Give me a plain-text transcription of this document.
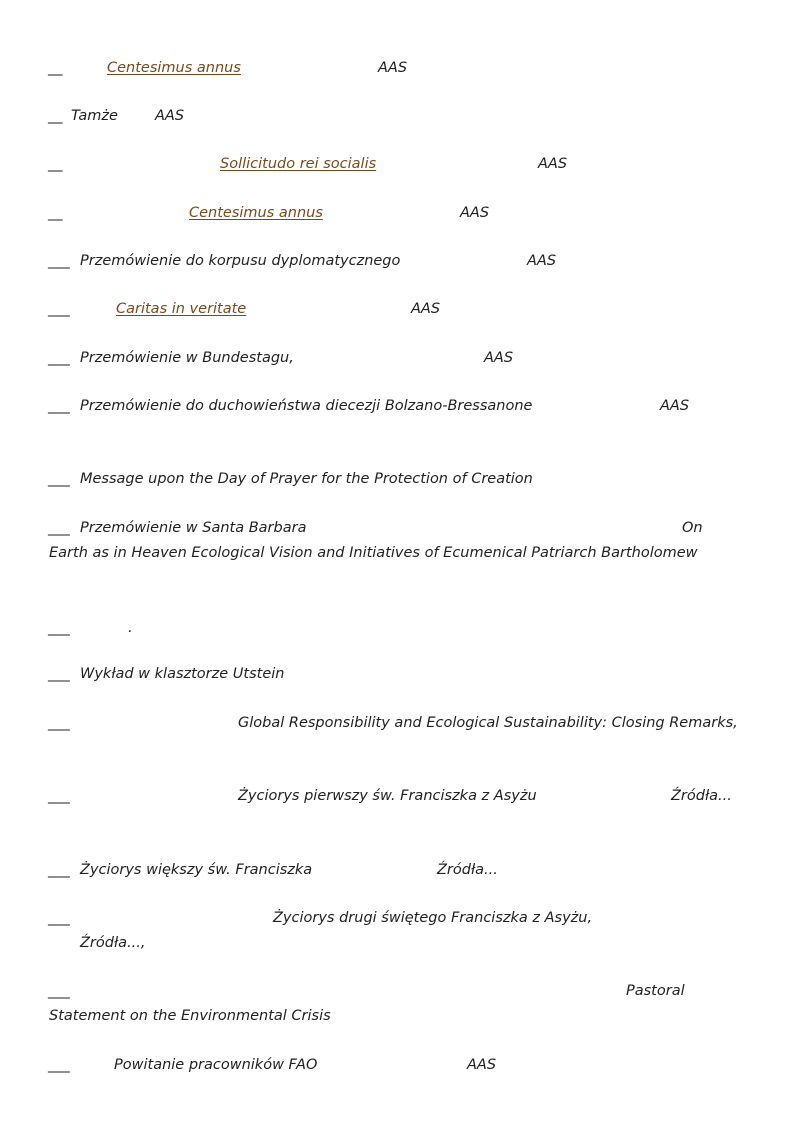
__	Centesimus annus	AAS
__ Tamże	AAS
__	Sollicitudo rei socialis	AAS
__	Centesimus annus	AAS
___ Przemówienie do korpusu dyplomatycznego	AAS
___	Caritas in veritate	AAS
___ Przemówienie w Bundestagu,	AAS
___ Przemówienie do duchowieństwa diecezji Bolzano-Bressanone	AAS
___ Message upon the Day of Prayer for the Protection of Creation
___ Przemówienie w Santa Barbara	On
Earth as in Heaven Ecological Vision and Initiatives of Ecumenical Patriarch Bartholomew
___	.
___ Wykład w klasztorze Utstein
___	Global Responsibility and Ecological Sustainability: Closing Remarks,
___	Życiorys pierwszy św. Franciszka z Asyżu	Źródła...
___ Życiorys większy św. Franciszka	Źródła...
___	Życiorys drugi świętego Franciszka z Asyżu,
Źródła...,
___	Pastoral
Statement on the Environmental Crisis
___	Powitanie pracowników FAO	AAS
